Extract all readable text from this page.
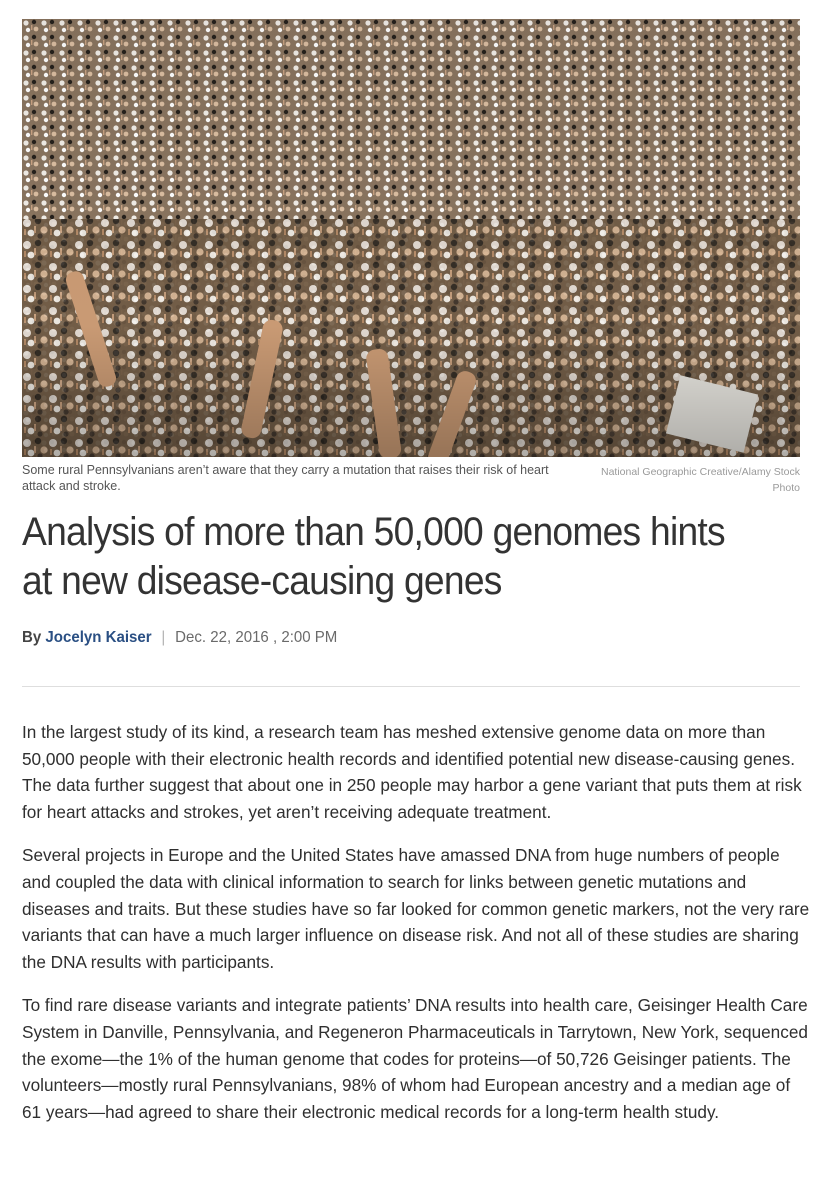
Some rural Pennsylvanians aren’t aware that they carry a mutation that raises their risk of heart attack and stroke.
National Geographic Creative/Alamy Stock Photo
Analysis of more than 50,000 genomes hints at new disease-causing genes
By Jocelyn Kaiser | Dec. 22, 2016 , 2:00 PM

In the largest study of its kind, a research team has meshed extensive genome data on more than 50,000 people with their electronic health records and identified potential new disease-causing genes. The data further suggest that about one in 250 people may harbor a gene variant that puts them at risk for heart attacks and strokes, yet aren’t receiving adequate treatment.

Several projects in Europe and the United States have amassed DNA from huge numbers of people and coupled the data with clinical information to search for links between genetic mutations and diseases and traits. But these studies have so far looked for common genetic markers, not the very rare variants that can have a much larger influence on disease risk. And not all of these studies are sharing the DNA results with participants.

To find rare disease variants and integrate patients’ DNA results into health care, Geisinger Health Care System in Danville, Pennsylvania, and Regeneron Pharmaceuticals in Tarrytown, New York, sequenced the exome—the 1% of the human genome that codes for proteins—of 50,726 Geisinger patients. The volunteers—mostly rural Pennsylvanians, 98% of whom had European ancestry and a median age of 61 years—had agreed to share their electronic medical records for a long-term health study.
